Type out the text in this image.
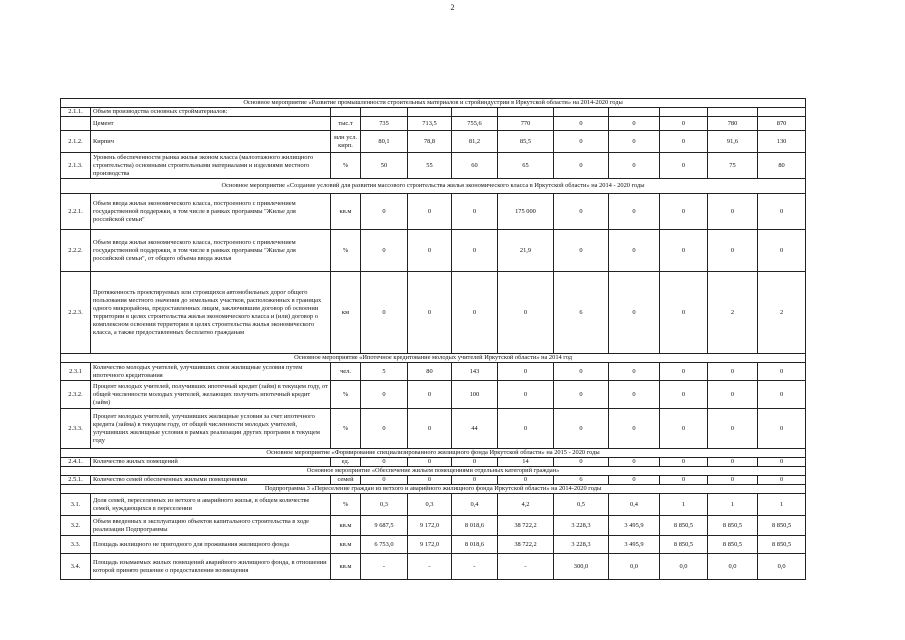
2
Основное мероприятие «Развитие промышленности строительных материалов и стройиндустрии в Иркутской области» на 2014-2020 годы											
2.1.1.	Объем производства основных стройматериалов:										
	Цемент	тыс.т	735	713,5	755,6	770	0	0	0	780	870
2.1.2.	Кирпич	млн усл. кирп.	80,1	78,8	81,2	85,5	0	0	0	91,6	130
2.1.3.	Уровень обеспеченности рынка жилья эконом класса (малоэтажного жилищного строительства) основными строительными материалами и изделиями местного производства	%	50	55	60	65	0	0	0	75	80
Основное мероприятие «Создание условий для развития массового строительства жилья экономического класса в Иркутской области» на 2014 - 2020 годы											
2.2.1.	Объем ввода жилья экономического класса, построенного с привлечением государственной поддержки, в том числе в рамках программы "Жилье для российской семьи"	кв.м	0	0	0	175 000	0	0	0	0	0
2.2.2.	Объем ввода жилья экономического класса, построенного с привлечением государственной поддержки, в том числе в рамках программы "Жилье для российской семьи", от общего объема ввода жилья	%	0	0	0	21,9	0	0	0	0	0
2.2.3.	Протяженность проектируемых или строящихся автомобильных дорог общего пользования местного значения до земельных участков, расположенных в границах одного микрорайона, предоставленных лицам, заключившим договор об освоении территории в целях строительства жилья экономического класса и (или) договор о комплексном освоении территории в целях строительства жилья экономического класса, а также предоставленных бесплатно гражданам	км	0	0	0	0	6	0	0	2	2
Основное мероприятие «Ипотечное кредитование молодых учителей Иркутской области» на 2014 год											
2.3.1	Количество молодых учителей, улучшивших свои жилищные условия путем ипотечного кредитования	чел.	5	80	143	0	0	0	0	0	0
2.3.2.	Процент молодых учителей, получивших ипотечный кредит (займ) в текущем году, от общей численности молодых учителей, желающих получить ипотечный кредит (займ)	%	0	0	100	0	0	0	0	0	0
2.3.3.	Процент молодых учителей, улучшивших жилищные условия за счет ипотечного кредита (займа) в текущем году, от общей численности молодых учителей, улучшивших жилищные условия в рамках реализации других программ в текущем году	%	0	0	44	0	0	0	0	0	0
Основное мероприятие «Формирование специализированного жилищного фонда Иркутской области» на 2015 - 2020 годы											
2.4.1.	Количество жилых помещений	ед.	0	0	0	14	0	0	0	0	0
Основное мероприятие «Обеспечение жильем помещениями отдельных категорий граждан»											
2.5.1.	Количество семей обеспеченных жилыми помещениями	семей	0	0	0	0	6	0	0	0	0
Подпрограмма 3 «Переселение граждан из ветхого и аварийного жилищного фонда Иркутской области» на 2014-2020 годы											
3.1.	Доля семей, переселенных из ветхого и аварийного жилья, в общем количестве семей, нуждающихся в переселении	%	0,3	0,3	0,4	4,2	0,5	0,4	1	1	1
3.2.	Объем введенных в эксплуатацию объектов капитального строительства в ходе реализации Подпрограммы	кв.м	9 687,5	9 172,0	8 018,6	38 722,2	3 228,3	3 495,9	8 850,5	8 850,5	8 850,5
3.3.	Площадь жилищного не пригодного для проживания жилищного фонда	кв.м	6 753,0	9 172,0	8 018,6	38 722,2	3 228,3	3 495,9	8 850,5	8 850,5	8 850,5
3.4.	Площадь изымаемых жилых помещений аварийного жилищного фонда, в отношении которой принято решение о предоставлении возмещения	кв.м	-	-	-	-	300,0	0,0	0,0	0,0	0,0
